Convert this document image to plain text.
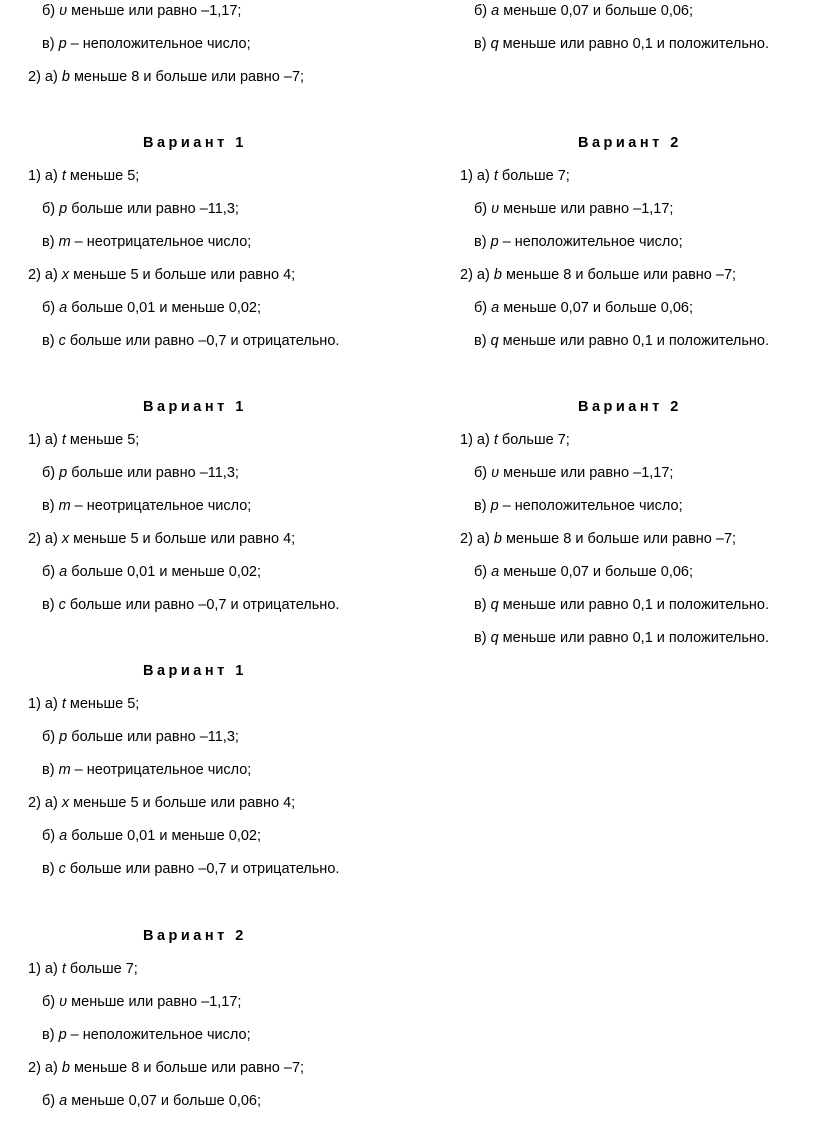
б) υ меньше или равно –1,17;
в) p – неположительное число;
2) а) b меньше 8 и больше или равно –7;
Вариант 1
1) а) t меньше 5;
б) p больше или равно –11,3;
в) m – неотрицательное число;
2) а) x меньше 5 и больше или равно 4;
б) a больше 0,01 и меньше 0,02;
в) c больше или равно –0,7 и отрицательно.
Вариант 1
1) а) t меньше 5;
б) p больше или равно –11,3;
в) m – неотрицательное число;
2) а) x меньше 5 и больше или равно 4;
б) a больше 0,01 и меньше 0,02;
в) c больше или равно –0,7 и отрицательно.
Вариант 1
1) а) t меньше 5;
б) p больше или равно –11,3;
в) m – неотрицательное число;
2) а) x меньше 5 и больше или равно 4;
б) a больше 0,01 и меньше 0,02;
в) c больше или равно –0,7 и отрицательно.
Вариант 2
1) а) t больше 7;
б) υ меньше или равно –1,17;
в) p – неположительное число;
2) а) b меньше 8 и больше или равно –7;
б) a меньше 0,07 и больше 0,06;
б) a меньше 0,07 и больше 0,06;
в) q меньше или равно 0,1 и положительно.
Вариант 2
1) а) t больше 7;
б) υ меньше или равно –1,17;
в) p – неположительное число;
2) а) b меньше 8 и больше или равно –7;
б) a меньше 0,07 и больше 0,06;
в) q меньше или равно 0,1 и положительно.
Вариант 2
1) а) t больше 7;
б) υ меньше или равно –1,17;
в) p – неположительное число;
2) а) b меньше 8 и больше или равно –7;
б) a меньше 0,07 и больше 0,06;
в) q меньше или равно 0,1 и положительно.
в) q меньше или равно 0,1 и положительно.
